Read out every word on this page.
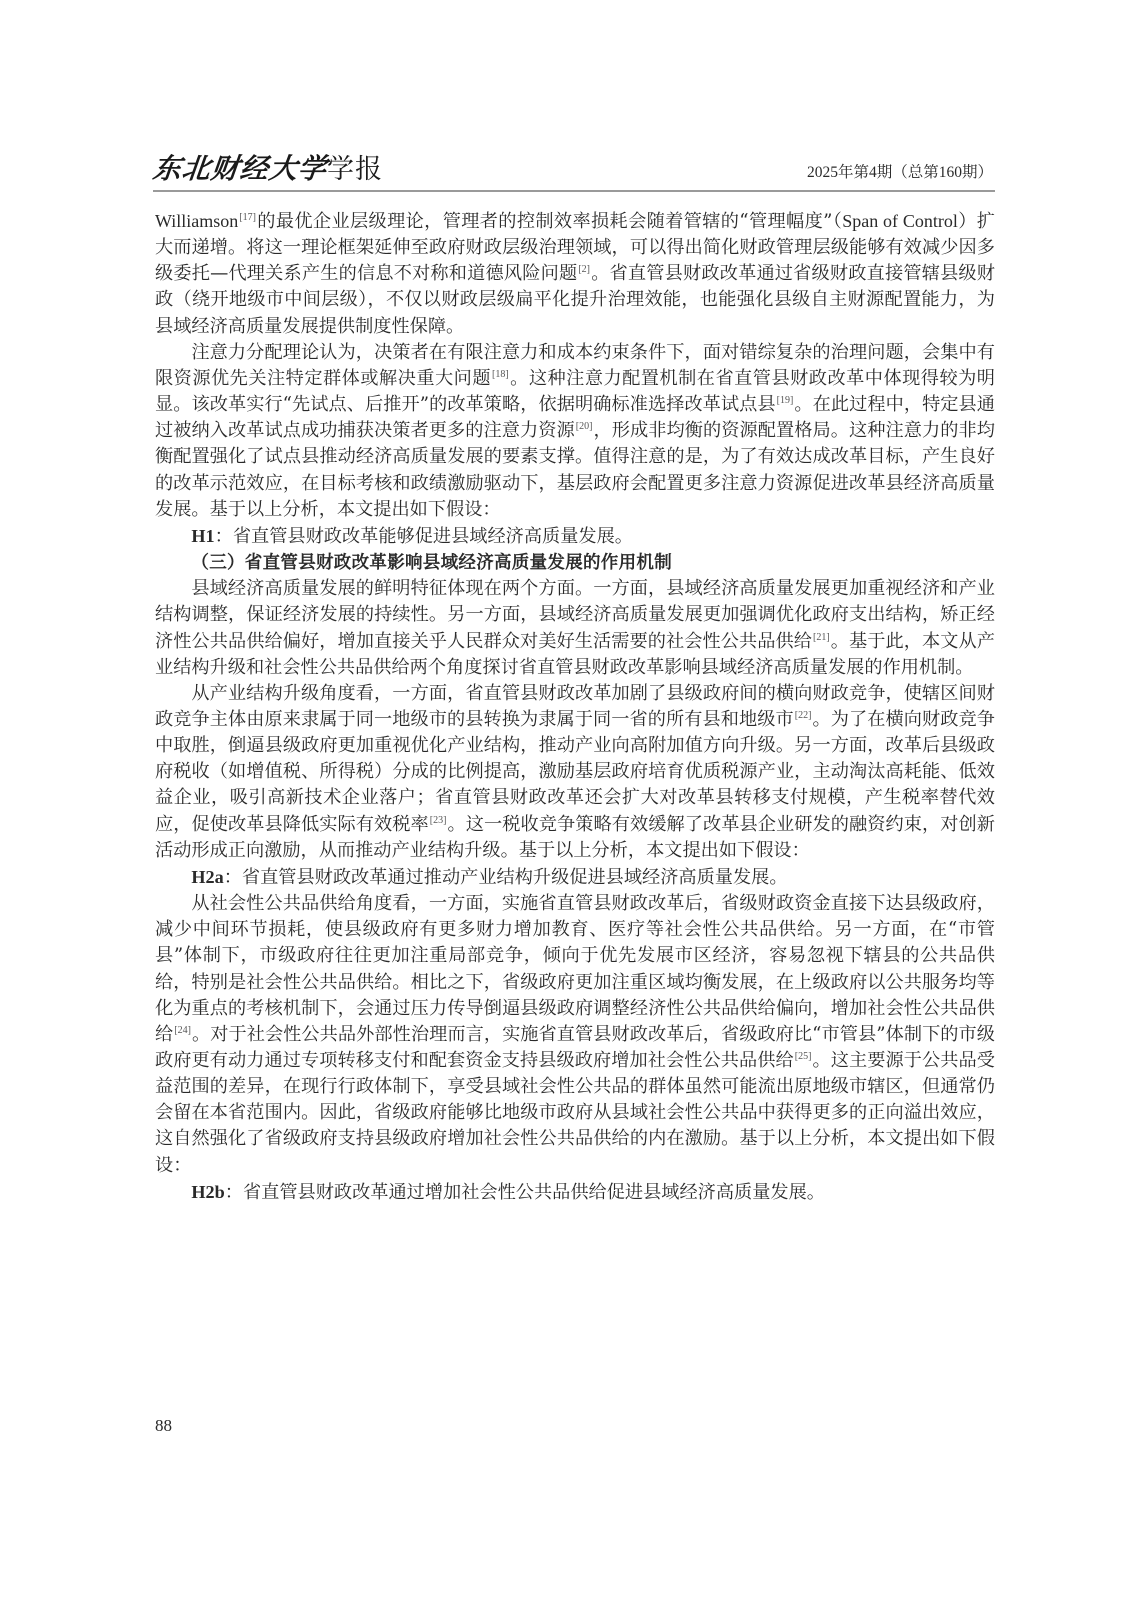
东北财经大学学报	2025年第4期（总第160期）

Williamson[17]的最优企业层级理论，管理者的控制效率损耗会随着管辖的“管理幅度”（Span of Control）扩大而递增。将这一理论框架延伸至政府财政层级治理领域，可以得出简化财政管理层级能够有效减少因多级委托—代理关系产生的信息不对称和道德风险问题[2]。省直管县财政改革通过省级财政直接管辖县级财政（绕开地级市中间层级），不仅以财政层级扁平化提升治理效能，也能强化县级自主财源配置能力，为县域经济高质量发展提供制度性保障。

注意力分配理论认为，决策者在有限注意力和成本约束条件下，面对错综复杂的治理问题，会集中有限资源优先关注特定群体或解决重大问题[18]。这种注意力配置机制在省直管县财政改革中体现得较为明显。该改革实行“先试点、后推开”的改革策略，依据明确标准选择改革试点县[19]。在此过程中，特定县通过被纳入改革试点成功捕获决策者更多的注意力资源[20]，形成非均衡的资源配置格局。这种注意力的非均衡配置强化了试点县推动经济高质量发展的要素支撑。值得注意的是，为了有效达成改革目标，产生良好的改革示范效应，在目标考核和政绩激励驱动下，基层政府会配置更多注意力资源促进改革县经济高质量发展。基于以上分析，本文提出如下假设：

H1：省直管县财政改革能够促进县域经济高质量发展。

（三）省直管县财政改革影响县域经济高质量发展的作用机制

县域经济高质量发展的鲜明特征体现在两个方面。一方面，县域经济高质量发展更加重视经济和产业结构调整，保证经济发展的持续性。另一方面，县域经济高质量发展更加强调优化政府支出结构，矫正经济性公共品供给偏好，增加直接关乎人民群众对美好生活需要的社会性公共品供给[21]。基于此，本文从产业结构升级和社会性公共品供给两个角度探讨省直管县财政改革影响县域经济高质量发展的作用机制。

从产业结构升级角度看，一方面，省直管县财政改革加剧了县级政府间的横向财政竞争，使辖区间财政竞争主体由原来隶属于同一地级市的县转换为隶属于同一省的所有县和地级市[22]。为了在横向财政竞争中取胜，倒逼县级政府更加重视优化产业结构，推动产业向高附加值方向升级。另一方面，改革后县级政府税收（如增值税、所得税）分成的比例提高，激励基层政府培育优质税源产业，主动淘汰高耗能、低效益企业，吸引高新技术企业落户；省直管县财政改革还会扩大对改革县转移支付规模，产生税率替代效应，促使改革县降低实际有效税率[23]。这一税收竞争策略有效缓解了改革县企业研发的融资约束，对创新活动形成正向激励，从而推动产业结构升级。基于以上分析，本文提出如下假设：

H2a：省直管县财政改革通过推动产业结构升级促进县域经济高质量发展。

从社会性公共品供给角度看，一方面，实施省直管县财政改革后，省级财政资金直接下达县级政府，减少中间环节损耗，使县级政府有更多财力增加教育、医疗等社会性公共品供给。另一方面，在“市管县”体制下，市级政府往往更加注重局部竞争，倾向于优先发展市区经济，容易忽视下辖县的公共品供给，特别是社会性公共品供给。相比之下，省级政府更加注重区域均衡发展，在上级政府以公共服务均等化为重点的考核机制下，会通过压力传导倒逼县级政府调整经济性公共品供给偏向，增加社会性公共品供给[24]。对于社会性公共品外部性治理而言，实施省直管县财政改革后，省级政府比“市管县”体制下的市级政府更有动力通过专项转移支付和配套资金支持县级政府增加社会性公共品供给[25]。这主要源于公共品受益范围的差异，在现行行政体制下，享受县域社会性公共品的群体虽然可能流出原地级市辖区，但通常仍会留在本省范围内。因此，省级政府能够比地级市政府从县域社会性公共品中获得更多的正向溢出效应，这自然强化了省级政府支持县级政府增加社会性公共品供给的内在激励。基于以上分析，本文提出如下假设：

H2b：省直管县财政改革通过增加社会性公共品供给促进县域经济高质量发展。

88
